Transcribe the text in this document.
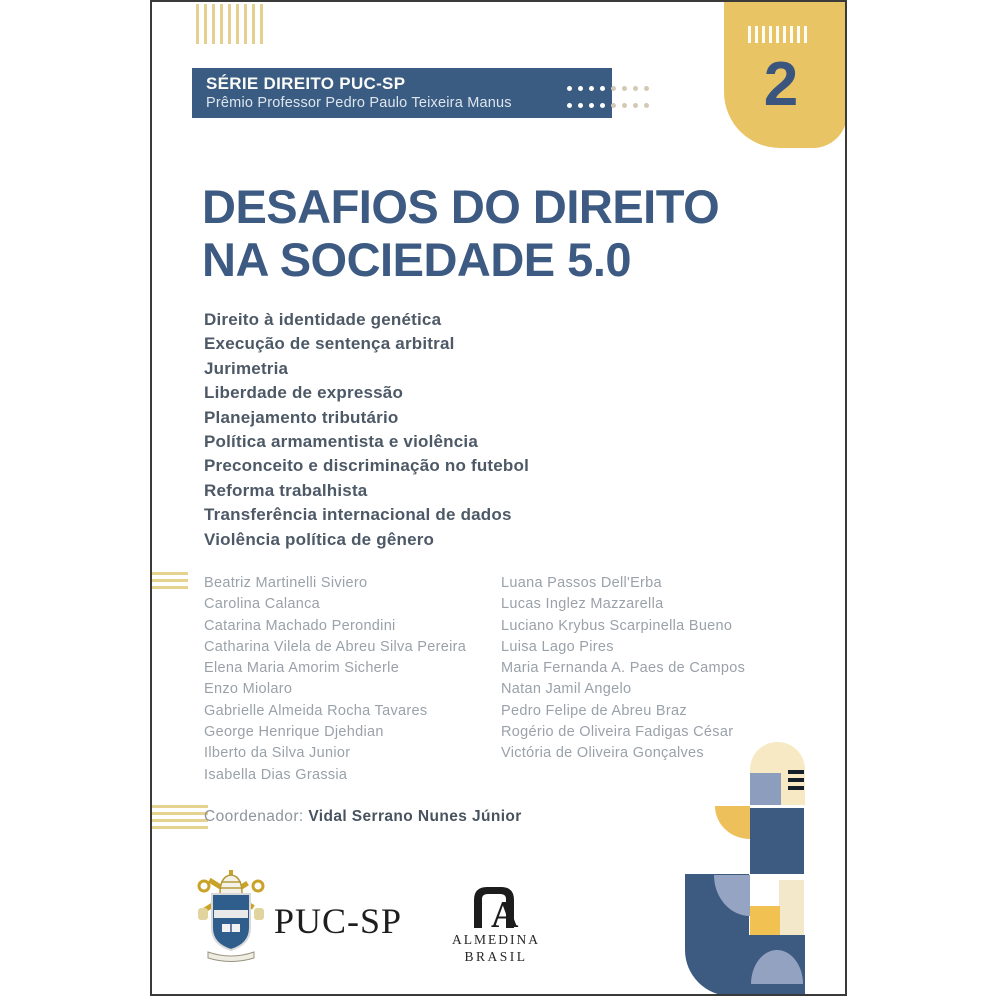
SÉRIE DIREITO PUC-SP
Prêmio Professor Pedro Paulo Teixeira Manus	2
DESAFIOS DO DIREITO
NA SOCIEDADE 5.0
Direito à identidade genética
Execução de sentença arbitral
Jurimetria
Liberdade de expressão
Planejamento tributário
Política armamentista e violência
Preconceito e discriminação no futebol
Reforma trabalhista
Transferência internacional de dados
Violência política de gênero
Beatriz Martinelli Siviero
Carolina Calanca
Catarina Machado Perondini
Catharina Vilela de Abreu Silva Pereira
Elena Maria Amorim Sicherle
Enzo Miolaro
Gabrielle Almeida Rocha Tavares
George Henrique Djehdian
Ilberto da Silva Junior
Isabella Dias Grassia
Luana Passos Dell'Erba
Lucas Inglez Mazzarella
Luciano Krybus Scarpinella Bueno
Luisa Lago Pires
Maria Fernanda A. Paes de Campos
Natan Jamil Angelo
Pedro Felipe de Abreu Braz
Rogério de Oliveira Fadigas César
Victória de Oliveira Gonçalves
Coordenador: Vidal Serrano Nunes Júnior
PUC-SP A
ALMEDINA
BRASIL
